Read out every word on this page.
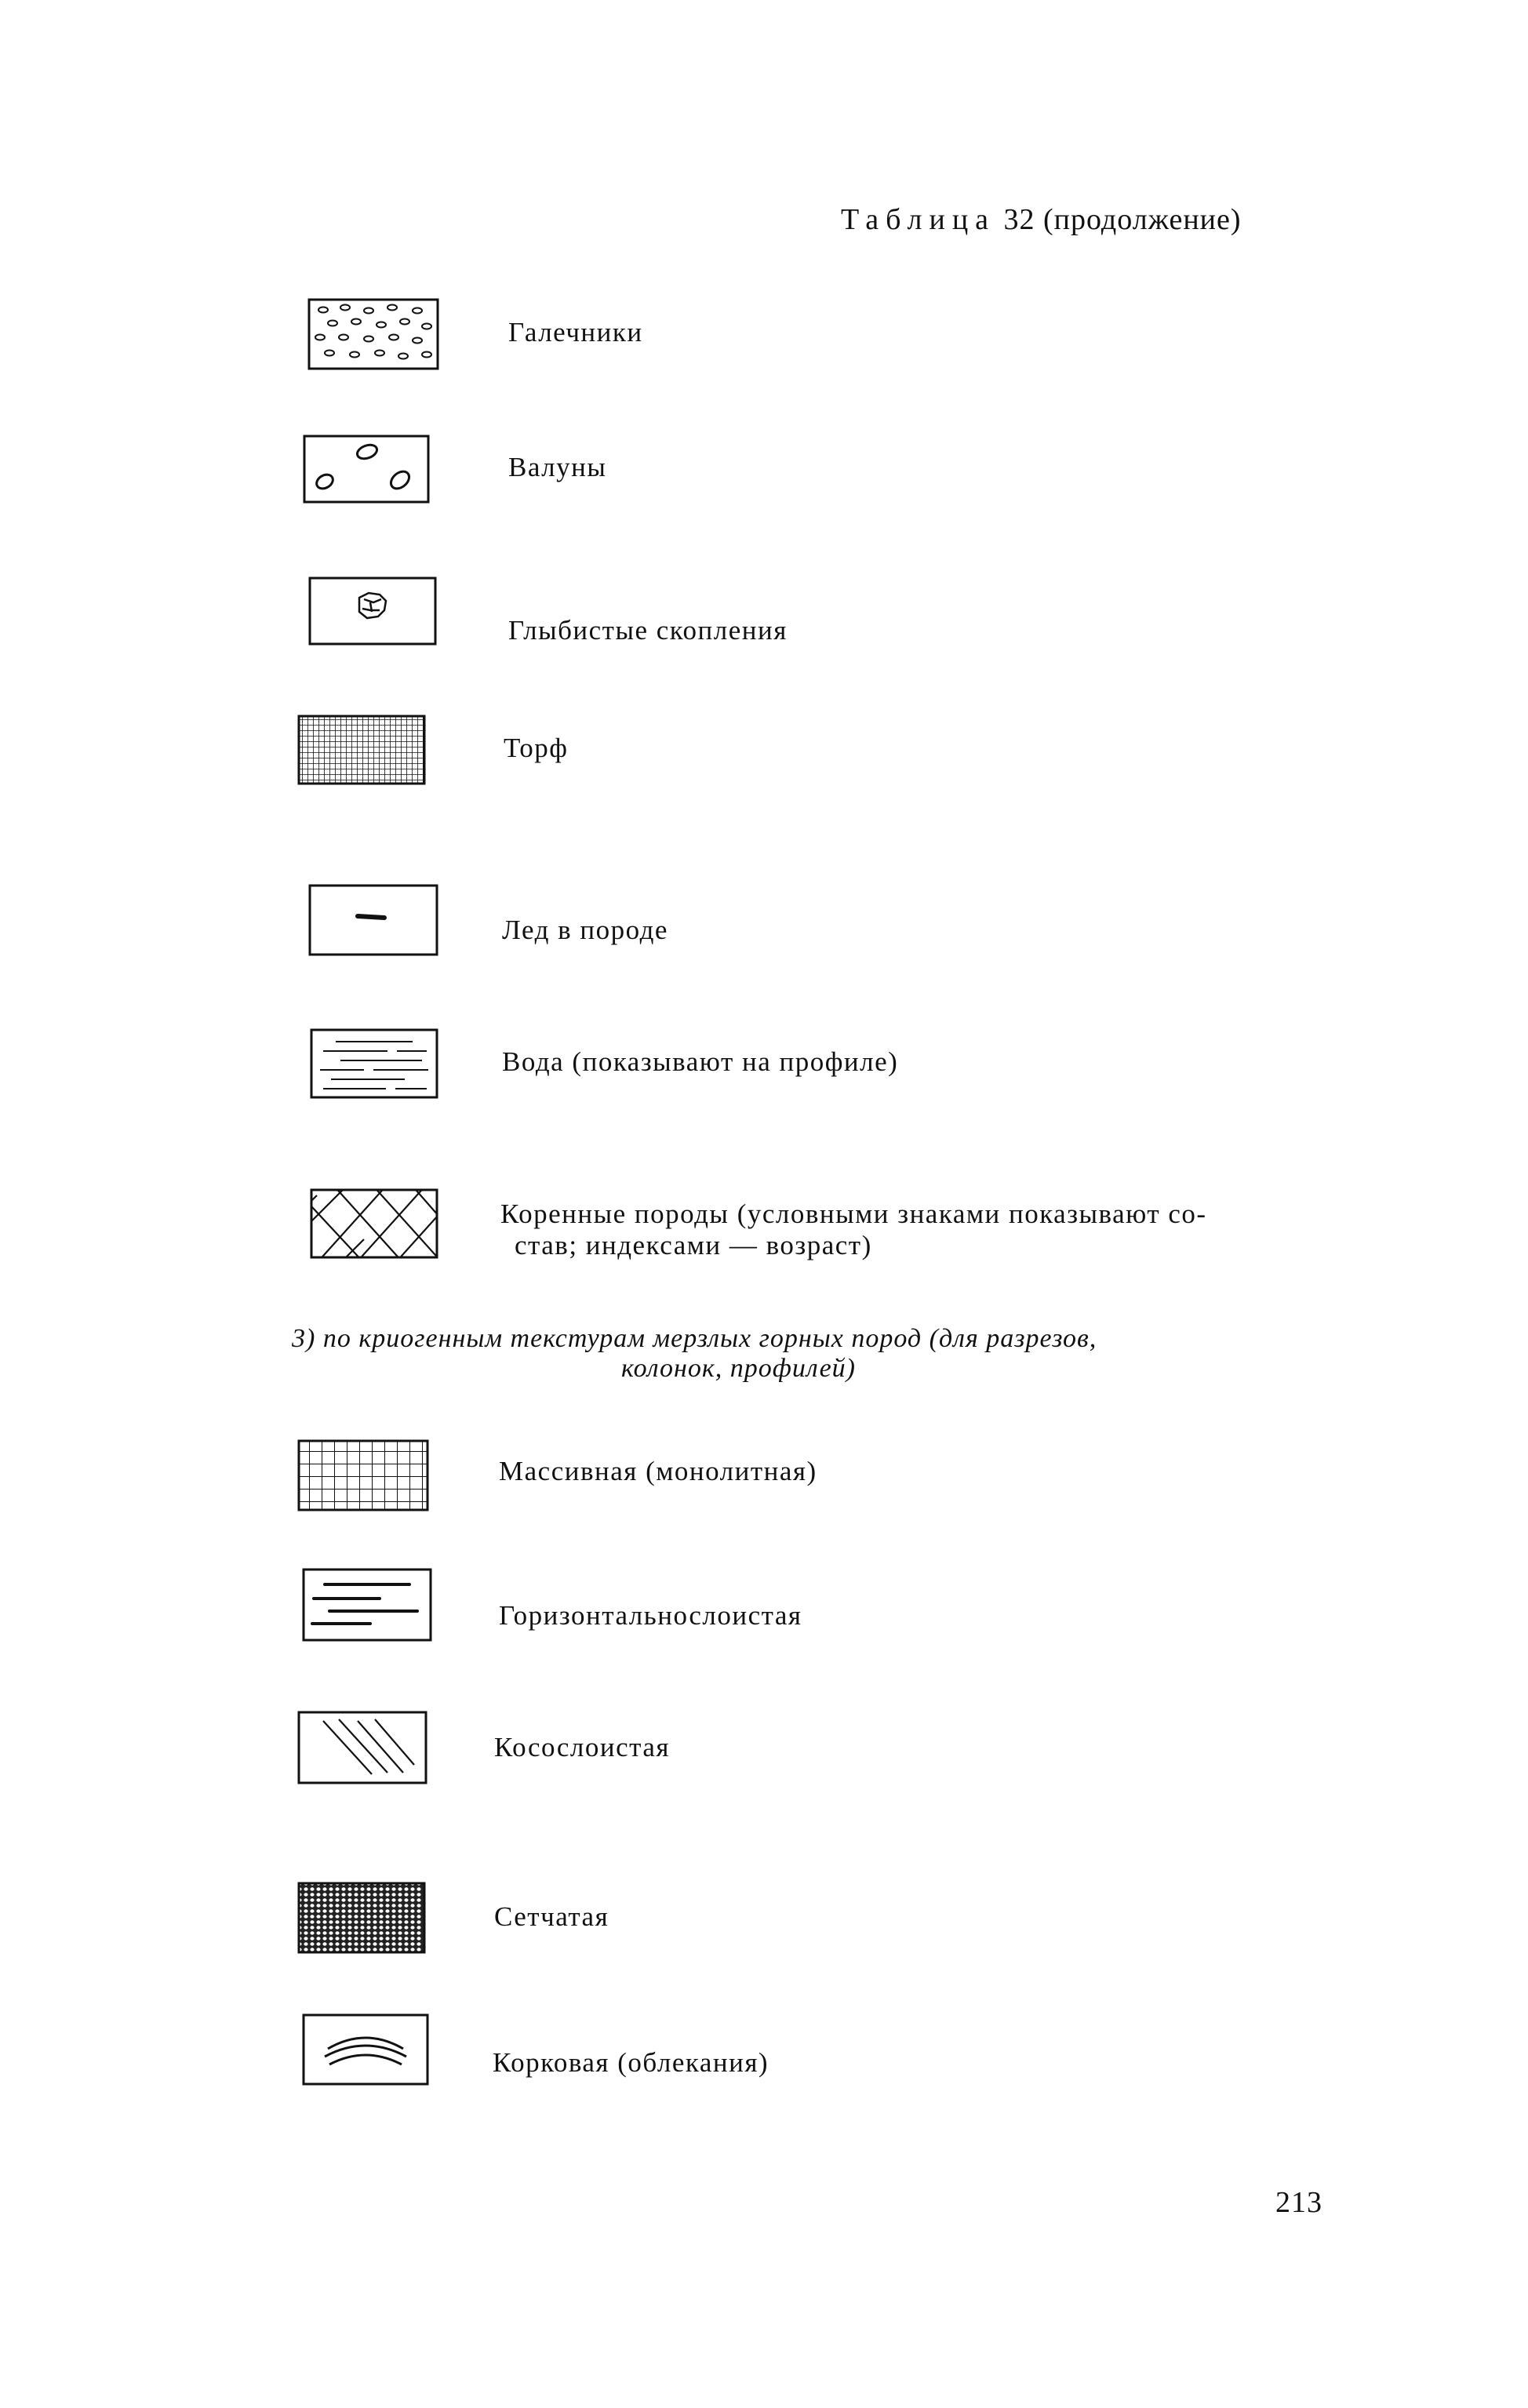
Таблица 32 (продолжение)
Галечники
Валуны
Глыбистые скопления
Торф
Лед в породе
Вода (показывают на профиле)
Коренные породы (условными знаками показывают со-
став; индексами — возраст)
3) по криогенным текстурам мерзлых горных пород (для разрезов,
колонок, профилей)
Массивная (монолитная)
Горизонтальнослоистая
Косослоистая
Сетчатая
Корковая (облекания)
213
